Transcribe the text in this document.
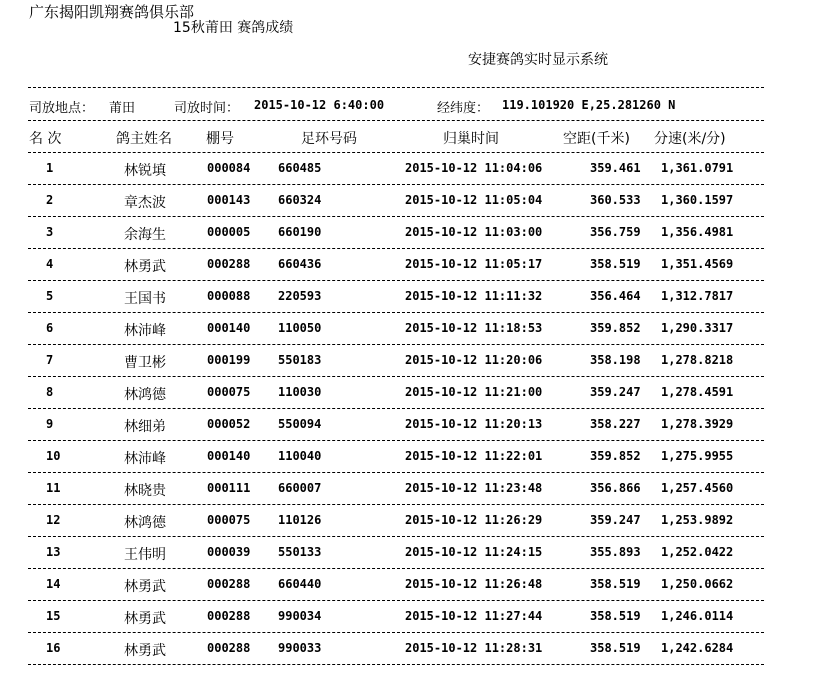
广东揭阳凯翔赛鸽俱乐部
15秋莆田 赛鸽成绩
安捷赛鸽实时显示系统
司放地点： 莆田	司放时间： 2015-10-12 6:40:00	经纬度： 119.101920 E,25.281260 N
名 次	鸽主姓名 棚号	足环号码	归巢时间	空距(千米) 分速(米/分)
1	林锐填	000084 660485	2015-10-12 11:04:06	359.461 1,361.0791
2	章杰波	000143 660324	2015-10-12 11:05:04	360.533 1,360.1597
3	余海生	000005 660190	2015-10-12 11:03:00	356.759 1,356.4981
4	林勇武	000288 660436	2015-10-12 11:05:17	358.519 1,351.4569
5	王国书	000088 220593	2015-10-12 11:11:32	356.464 1,312.7817
6	林沛峰	000140 110050	2015-10-12 11:18:53	359.852 1,290.3317
7	曹卫彬	000199 550183	2015-10-12 11:20:06	358.198 1,278.8218
8	林鸿德	000075 110030	2015-10-12 11:21:00	359.247 1,278.4591
9	林细弟	000052 550094	2015-10-12 11:20:13	358.227 1,278.3929
10	林沛峰	000140 110040	2015-10-12 11:22:01	359.852 1,275.9955
11	林晓贵	000111 660007	2015-10-12 11:23:48	356.866 1,257.4560
12	林鸿德	000075 110126	2015-10-12 11:26:29	359.247 1,253.9892
13	王伟明	000039 550133	2015-10-12 11:24:15	355.893 1,252.0422
14	林勇武	000288 660440	2015-10-12 11:26:48	358.519 1,250.0662
15	林勇武	000288 990034	2015-10-12 11:27:44	358.519 1,246.0114
16	林勇武	000288 990033	2015-10-12 11:28:31	358.519 1,242.6284
